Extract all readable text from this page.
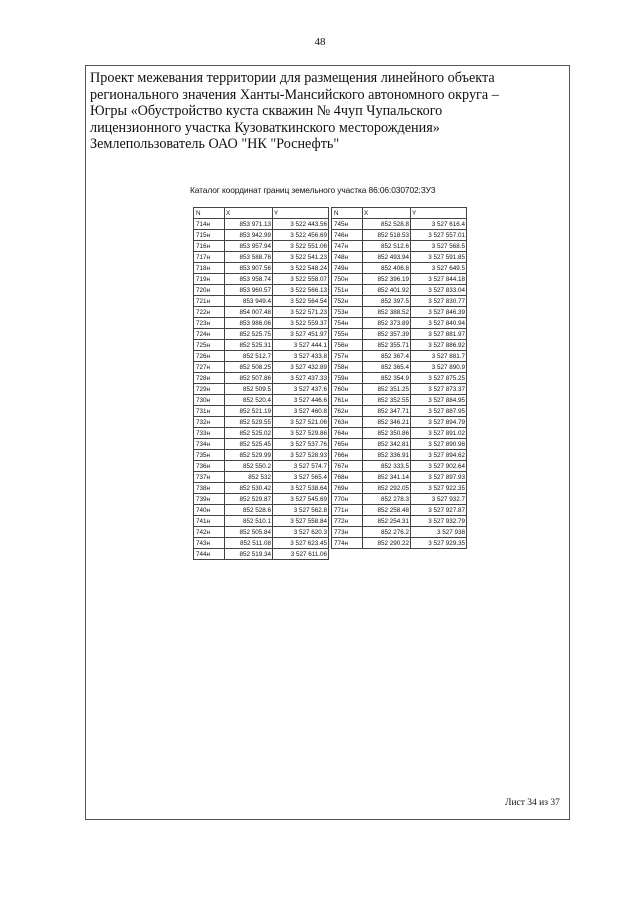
48
Проект межевания территории для размещения линейного объекта
регионального значения Ханты-Мансийского автономного округа –
Югры «Обустройство куста скважин № 4чуп Чупальского
лицензионного участка Кузоваткинского месторождения»
Землепользователь ОАО "НК "Роснефть"
Каталог координат границ земельного участка 86:06:030702:ЗУ3
N	X	Y
714н	853 971.13	3 522 443.56
715н	853 942.99	3 522 456.69
716н	853 957.94	3 522 551.06
717н	853 588.76	3 522 541.23
718н	853 907.56	3 522 548.24
719н	853 958.74	3 522 558.07
720н	853 960.57	3 522 566.13
721н	853 949.4	3 522 564.54
722н	854 007.48	3 522 571.23
723н	853 986.06	3 522 559.37
724н	852 525.75	3 527 451.97
725н	852 525.31	3 527 444.1
726н	852 512.7	3 527 433.8
727н	852 508.25	3 527 432.89
728н	852 507.86	3 527 437.33
729н	852 509.5	3 527 437.6
730н	852 520.4	3 527 446.6
731н	852 521.19	3 527 460.8
732н	852 529.55	3 527 521.06
733н	852 525.02	3 527 529.86
734н	852 525.45	3 527 537.76
735н	852 529.99	3 527 528.93
736н	852 550.2	3 527 574.7
737н	852 532	3 527 565.4
738н	852 530.42	3 527 538.64
739н	852 529.87	3 527 545.69
740н	852 528.6	3 527 562.8
741н	852 510.1	3 527 558.84
742н	852 505.84	3 527 620.3
743н	852 511.08	3 527 623.45
744н	852 519.34	3 527 611.06
N	X	Y
745н	852 528.8	3 527 616.4
746н	852 518.53	3 527 557.01
747н	852 512.6	3 527 568.5
748н	852 493.94	3 527 591.85
749н	852 406.8	3 527 649.5
750н	852 396.19	3 527 844.18
751н	852 401.92	3 527 833.04
752н	852 397.5	3 527 830.77
753н	852 388.52	3 527 846.39
754н	852 373.89	3 527 840.94
755н	852 357.39	3 527 881.97
756н	852 355.71	3 527 886.92
757н	852 367.4	3 527 881.7
758н	852 365.4	3 527 890.9
759н	852 354.9	3 527 875.25
760н	852 351.25	3 527 873.37
761н	852 352.55	3 527 884.95
762н	852 347.71	3 527 887.95
763н	852 346.21	3 527 894.79
764н	852 350.86	3 527 891.02
765н	852 342.81	3 527 890.98
766н	852 336.91	3 527 894.62
767н	852 333.5	3 527 902.64
768н	852 341.14	3 527 897.93
769н	852 292.05	3 527 922.35
770н	852 278.3	3 527 932.7
771н	852 258.48	3 527 927.87
772н	852 254.31	3 527 932.79
773н	852 276.2	3 527 938
774н	852 290.22	3 527 929.35
Лист 34 из 37
